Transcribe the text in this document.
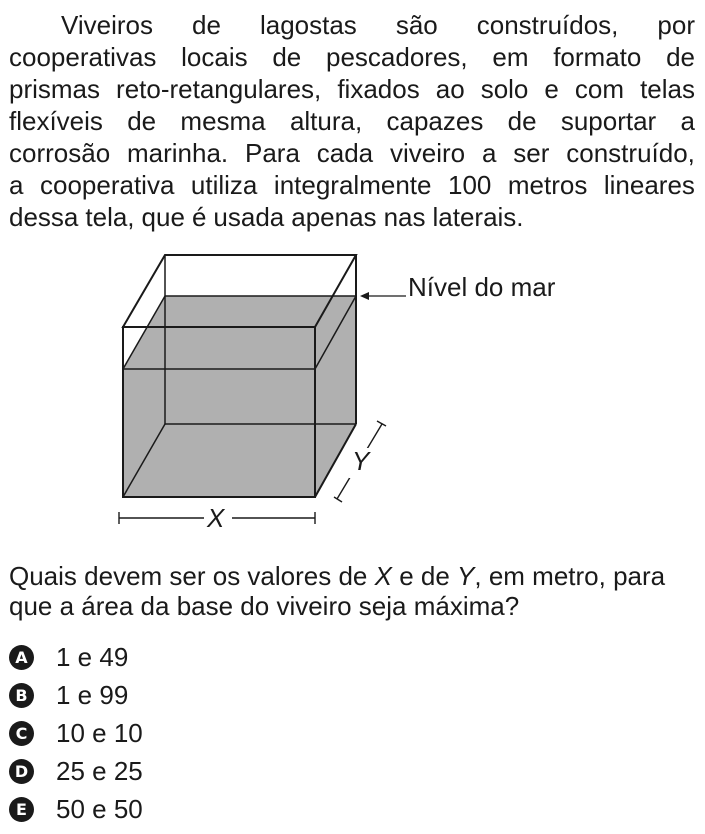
Viveiros de lagostas são construídos, por
cooperativas locais de pescadores, em formato de
prismas reto-retangulares, fixados ao solo e com telas
flexíveis de mesma altura, capazes de suportar a
corrosão marinha. Para cada viveiro a ser construído,
a cooperativa utiliza integralmente 100 metros lineares
dessa tela, que é usada apenas nas laterais.
Nível do mar
Y
X
Quais devem ser os valores de X e de Y, em metro, para
que a área da base do viveiro seja máxima?
A 1 e 49
B 1 e 99
C 10 e 10
D 25 e 25
E 50 e 50
